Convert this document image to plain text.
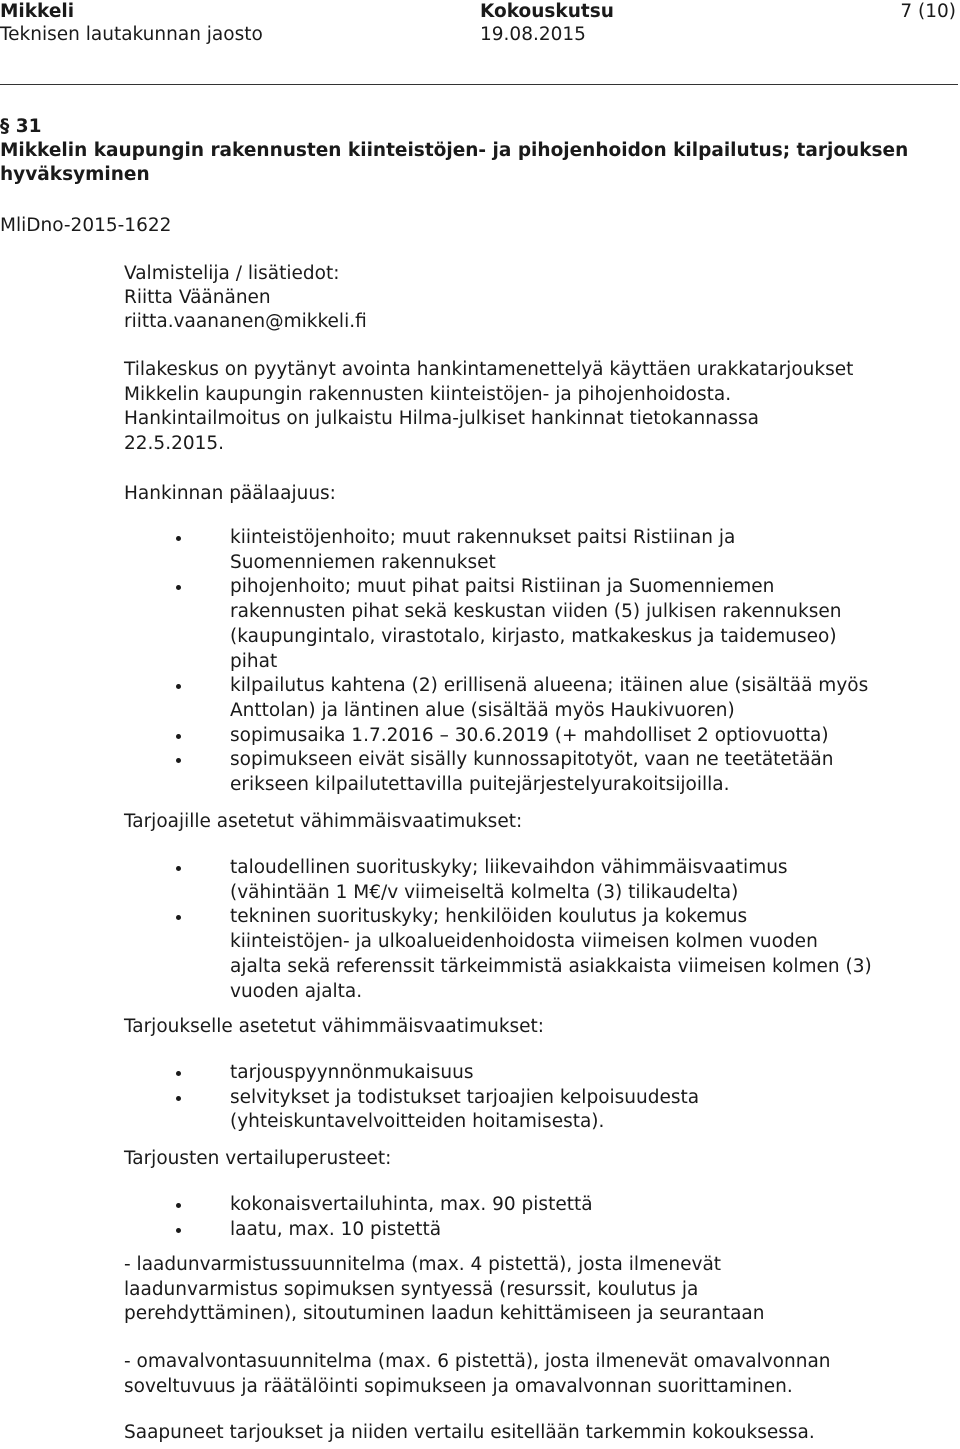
Mikkeli	Kokouskutsu	7 (10)
Teknisen lautakunnan jaosto	19.08.2015
§ 31
Mikkelin kaupungin rakennusten kiinteistöjen- ja pihojenhoidon kilpailutus; tarjouksen
hyväksyminen
MliDno-2015-1622
Valmistelija / lisätiedot:
Riitta Väänänen
riitta.vaananen@mikkeli.fi

Tilakeskus on pyytänyt avointa hankintamenettelyä käyttäen urakkatarjoukset

Mikkelin kaupungin rakennusten kiinteistöjen- ja pihojenhoidosta.

Hankintailmoitus on julkaistu Hilma-julkiset hankinnat tietokannassa

22.5.2015.

Hankinnan päälaajuus:
kiinteistöjenhoito; muut rakennukset paitsi Ristiinan ja
Suomenniemen rakennukset
pihojenhoito; muut pihat paitsi Ristiinan ja Suomenniemen
rakennusten pihat sekä keskustan viiden (5) julkisen rakennuksen
(kaupungintalo, virastotalo, kirjasto, matkakeskus ja taidemuseo)
pihat
kilpailutus kahtena (2) erillisenä alueena; itäinen alue (sisältää myös
Anttolan) ja läntinen alue (sisältää myös Haukivuoren)
sopimusaika 1.7.2016 – 30.6.2019 (+ mahdolliset 2 optiovuotta)
sopimukseen eivät sisälly kunnossapitotyöt, vaan ne teetätetään
erikseen kilpailutettavilla puitejärjestelyurakoitsijoilla.
Tarjoajille asetetut vähimmäisvaatimukset:
taloudellinen suorituskyky; liikevaihdon vähimmäisvaatimus
(vähintään 1 M€/v viimeiseltä kolmelta (3) tilikaudelta)
tekninen suorituskyky; henkilöiden koulutus ja kokemus
kiinteistöjen- ja ulkoalueidenhoidosta viimeisen kolmen vuoden
ajalta sekä referenssit tärkeimmistä asiakkaista viimeisen kolmen (3)
vuoden ajalta.
Tarjoukselle asetetut vähimmäisvaatimukset:
tarjouspyynnönmukaisuus
selvitykset ja todistukset tarjoajien kelpoisuudesta
(yhteiskuntavelvoitteiden hoitamisesta).
Tarjousten vertailuperusteet:
kokonaisvertailuhinta, max. 90 pistettä
laatu, max. 10 pistettä

- laadunvarmistussuunnitelma (max. 4 pistettä), josta ilmenevät

laadunvarmistus sopimuksen syntyessä (resurssit, koulutus ja

perehdyttäminen), sitoutuminen laadun kehittämiseen ja seurantaan

- omavalvontasuunnitelma (max. 6 pistettä), josta ilmenevät omavalvonnan

soveltuvuus ja räätälöinti sopimukseen ja omavalvonnan suorittaminen.

Saapuneet tarjoukset ja niiden vertailu esitellään tarkemmin kokouksessa.
